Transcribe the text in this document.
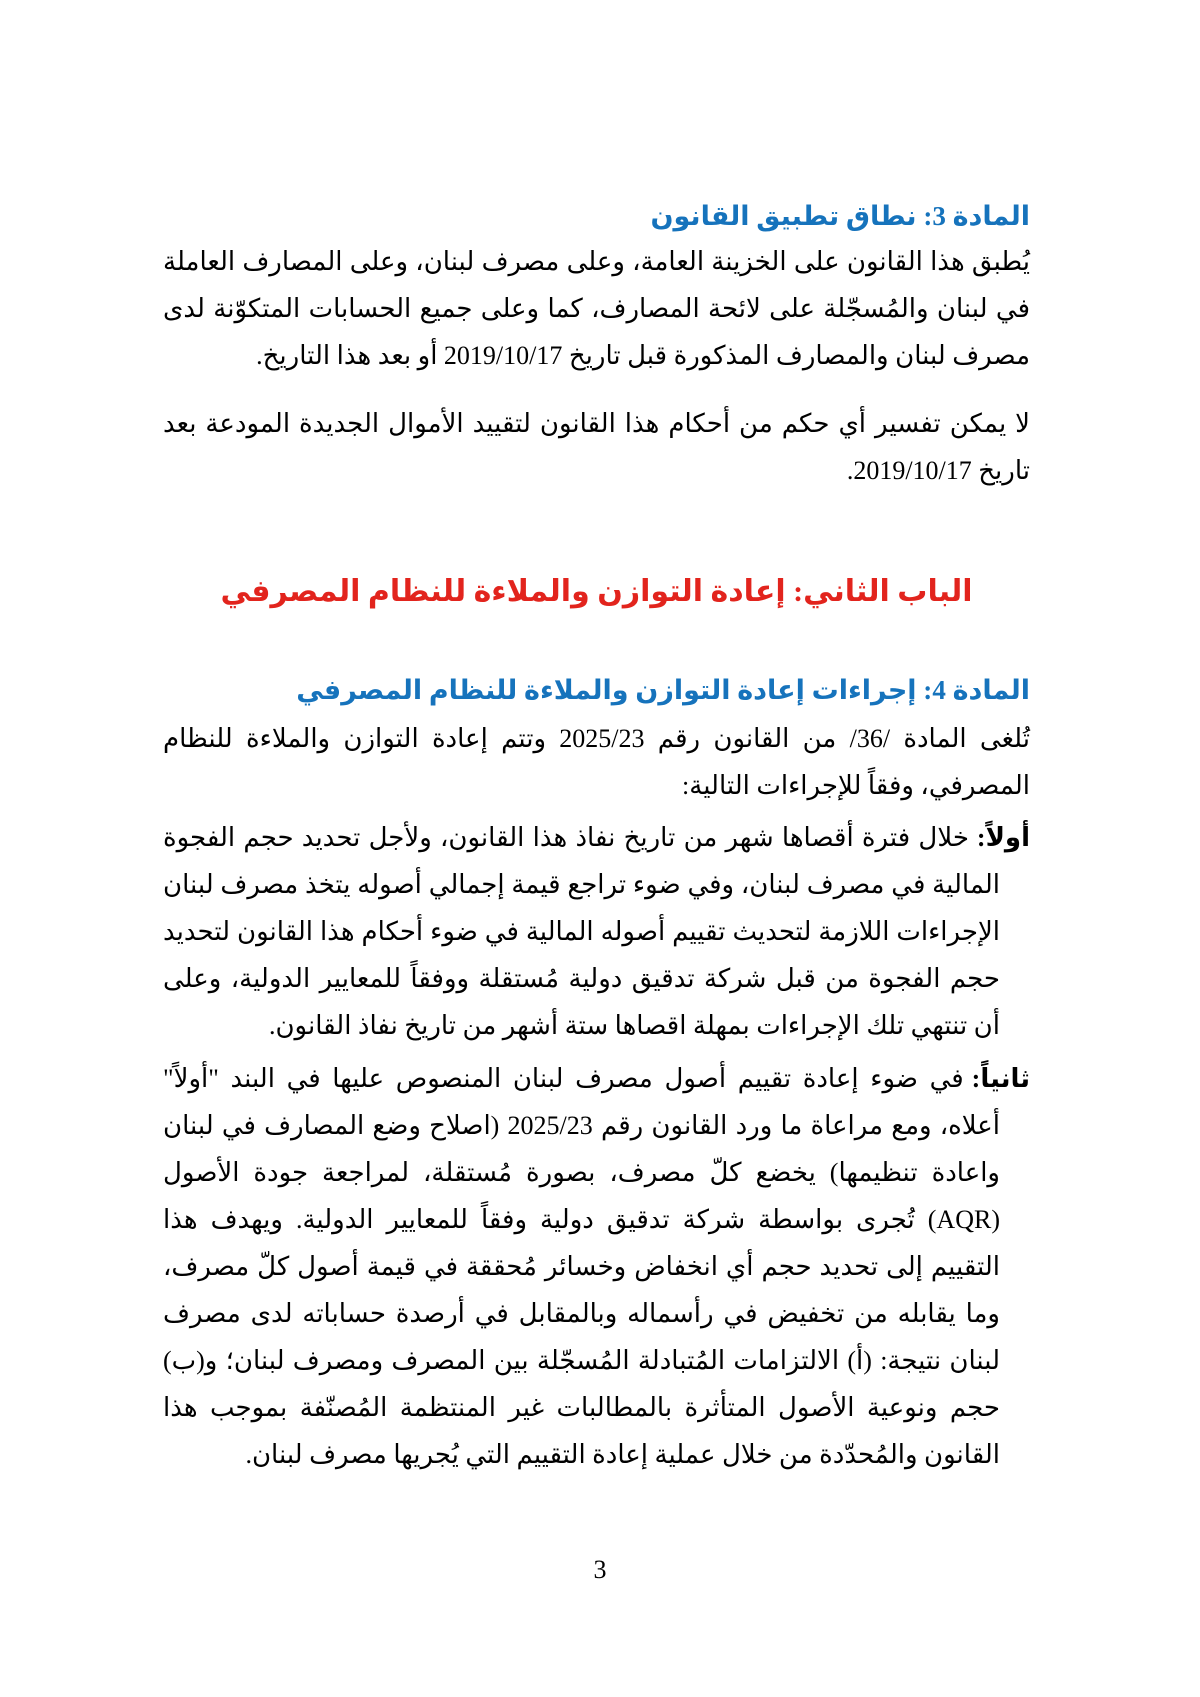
المادة 3: نطاق تطبيق القانون

يُطبق هذا القانون على الخزينة العامة، وعلى مصرف لبنان، وعلى المصارف العاملة في لبنان والمُسجّلة على لائحة المصارف، كما وعلى جميع الحسابات المتكوّنة لدى مصرف لبنان والمصارف المذكورة قبل تاريخ 2019/10/17 أو بعد هذا التاريخ.

لا يمكن تفسير أي حكم من أحكام هذا القانون لتقييد الأموال الجديدة المودعة بعد تاريخ 2019/10/17.

الباب الثاني: إعادة التوازن والملاءة للنظام المصرفي
المادة 4: إجراءات إعادة التوازن والملاءة للنظام المصرفي

تُلغى المادة /36/ من القانون رقم 2025/23 وتتم إعادة التوازن والملاءة للنظام المصرفي، وفقاً للإجراءات التالية:

أولاً:خلال فترة أقصاها شهر من تاريخ نفاذ هذا القانون، ولأجل تحديد حجم الفجوة المالية في مصرف لبنان، وفي ضوء تراجع قيمة إجمالي أصوله يتخذ مصرف لبنان الإجراءات اللازمة لتحديث تقييم أصوله المالية في ضوء أحكام هذا القانون لتحديد حجم الفجوة من قبل شركة تدقيق دولية مُستقلة ووفقاً للمعايير الدولية، وعلى أن تنتهي تلك الإجراءات بمهلة اقصاها ستة أشهر من تاريخ نفاذ القانون.

ثانياً:في ضوء إعادة تقييم أصول مصرف لبنان المنصوص عليها في البند "أولاً" أعلاه، ومع مراعاة ما ورد القانون رقم 2025/23 (اصلاح وضع المصارف في لبنان واعادة تنظيمها) يخضع كلّ مصرف، بصورة مُستقلة، لمراجعة جودة الأصول (AQR) تُجرى بواسطة شركة تدقيق دولية وفقاً للمعايير الدولية. ويهدف هذا التقييم إلى تحديد حجم أي انخفاض وخسائر مُحققة في قيمة أصول كلّ مصرف، وما يقابله من تخفيض في رأسماله وبالمقابل في أرصدة حساباته لدى مصرف لبنان نتيجة: (أ) الالتزامات المُتبادلة المُسجّلة بين المصرف ومصرف لبنان؛ و(ب) حجم ونوعية الأصول المتأثرة بالمطالبات غير المنتظمة المُصنّفة بموجب هذا القانون والمُحدّدة من خلال عملية إعادة التقييم التي يُجريها مصرف لبنان.

3
